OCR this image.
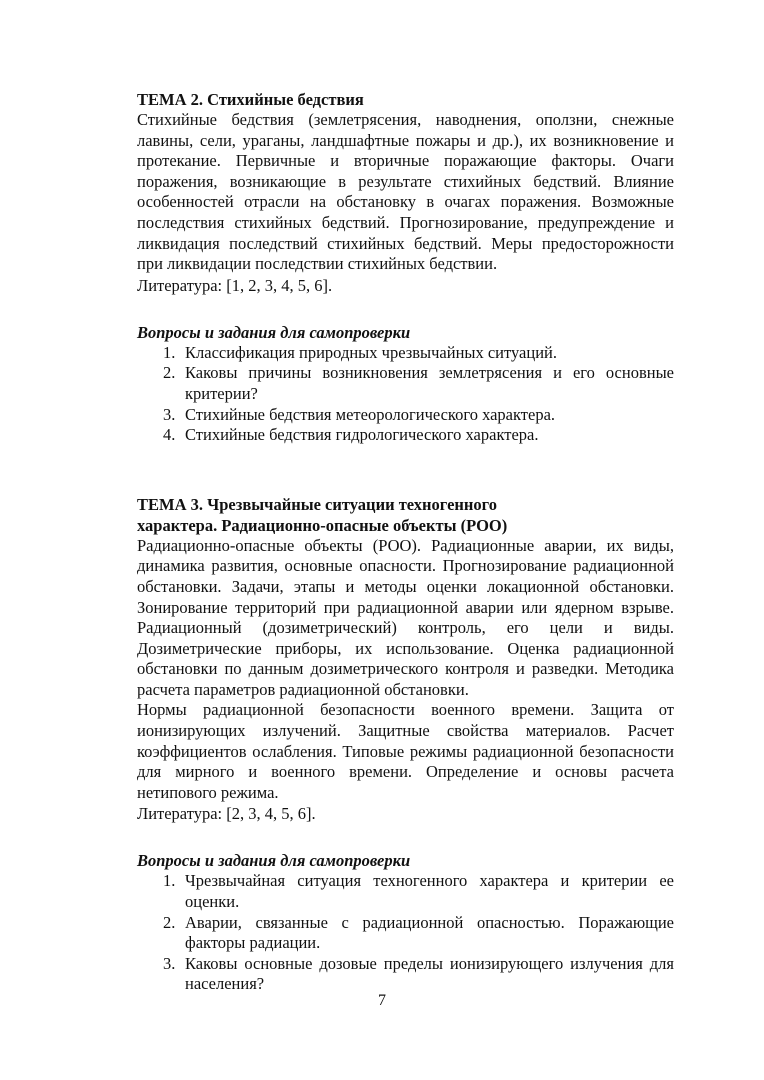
ТЕМА 2. Стихийные бедствия

Стихийные бедствия (землетрясения, наводнения, оползни, снежные лавины, сели, ураганы, ландшафтные пожары и др.), их возникновение и протекание. Первичные и вторичные поражающие факторы. Очаги поражения, возникающие в результате стихийных бедствий. Влияние особенностей отрасли на обстановку в очагах поражения. Возможные последствия стихийных бедствий. Прогнозирование, предупреждение и ликвидация последствий стихийных бедствий. Меры предосторожности при ликвидации последствии стихийных бедствии.

Литература: [1, 2, 3, 4, 5, 6].

Вопросы и задания для самопроверки

1. Классификация природных чрезвычайных ситуаций.
2. Каковы причины возникновения землетрясения и его основные критерии?
3. Стихийные бедствия метеорологического характера.
4. Стихийные бедствия гидрологического характера.

ТЕМА 3. Чрезвычайные ситуации техногенного
характера. Радиационно-опасные объекты (РОО)

Радиационно-опасные объекты (РОО). Радиационные аварии, их виды, динамика развития, основные опасности. Прогнозирование радиационной обстановки. Задачи, этапы и методы оценки локационной обстановки. Зонирование территорий при радиационной аварии или ядерном взрыве. Радиационный (дозиметрический) контроль, его цели и виды. Дозиметрические приборы, их использование. Оценка радиационной обстановки по данным дозиметрического контроля и разведки. Методика расчета параметров радиационной обстановки.

Нормы радиационной безопасности военного времени. Защита от ионизирующих излучений. Защитные свойства материалов. Расчет коэффициентов ослабления. Типовые режимы радиационной безопасности для мирного и военного времени. Определение и основы расчета нетипового режима.

Литература: [2, 3, 4, 5, 6].

Вопросы и задания для самопроверки

1. Чрезвычайная ситуация техногенного характера и критерии ее оценки.
2. Аварии, связанные с радиационной опасностью. Поражающие факторы радиации.
3. Каковы основные дозовые пределы ионизирующего излучения для населения?
7
